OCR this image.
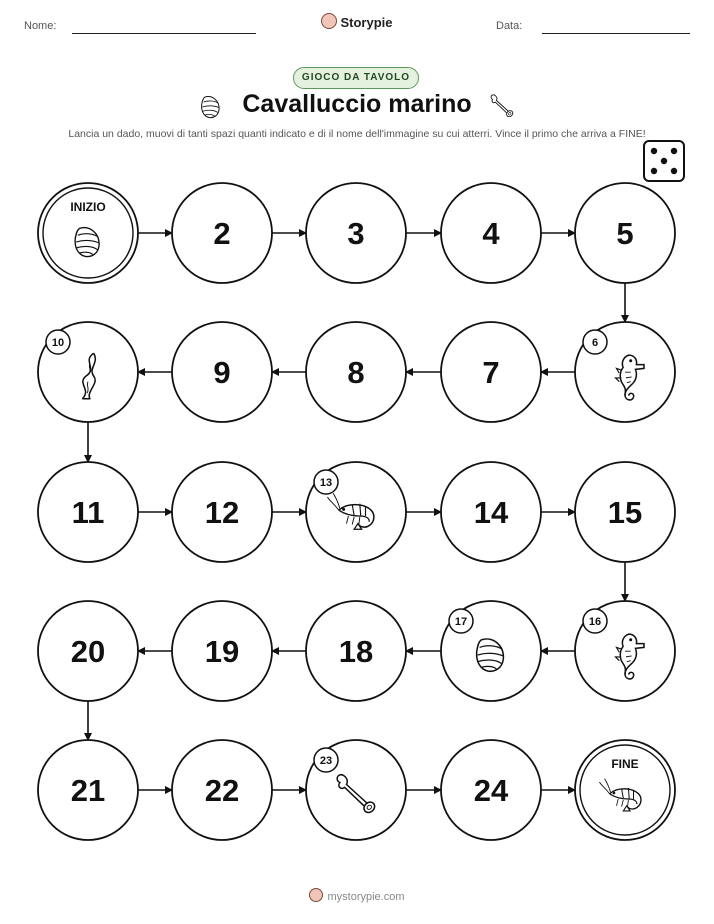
Nome:	Storypie	Data:
GIOCO DA TAVOLO
Cavalluccio marino
Lancia un dado, muovi di tanti spazi quanti indicato e di il nome dell'immagine su cui atterri. Vince il primo che arriva a FINE!
INIZIO
2	3	4	5
6
7
8
9
10
11	12
13
14	15
16
17
18
19
20
21	22
23
24
FINE
mystorypie.com
